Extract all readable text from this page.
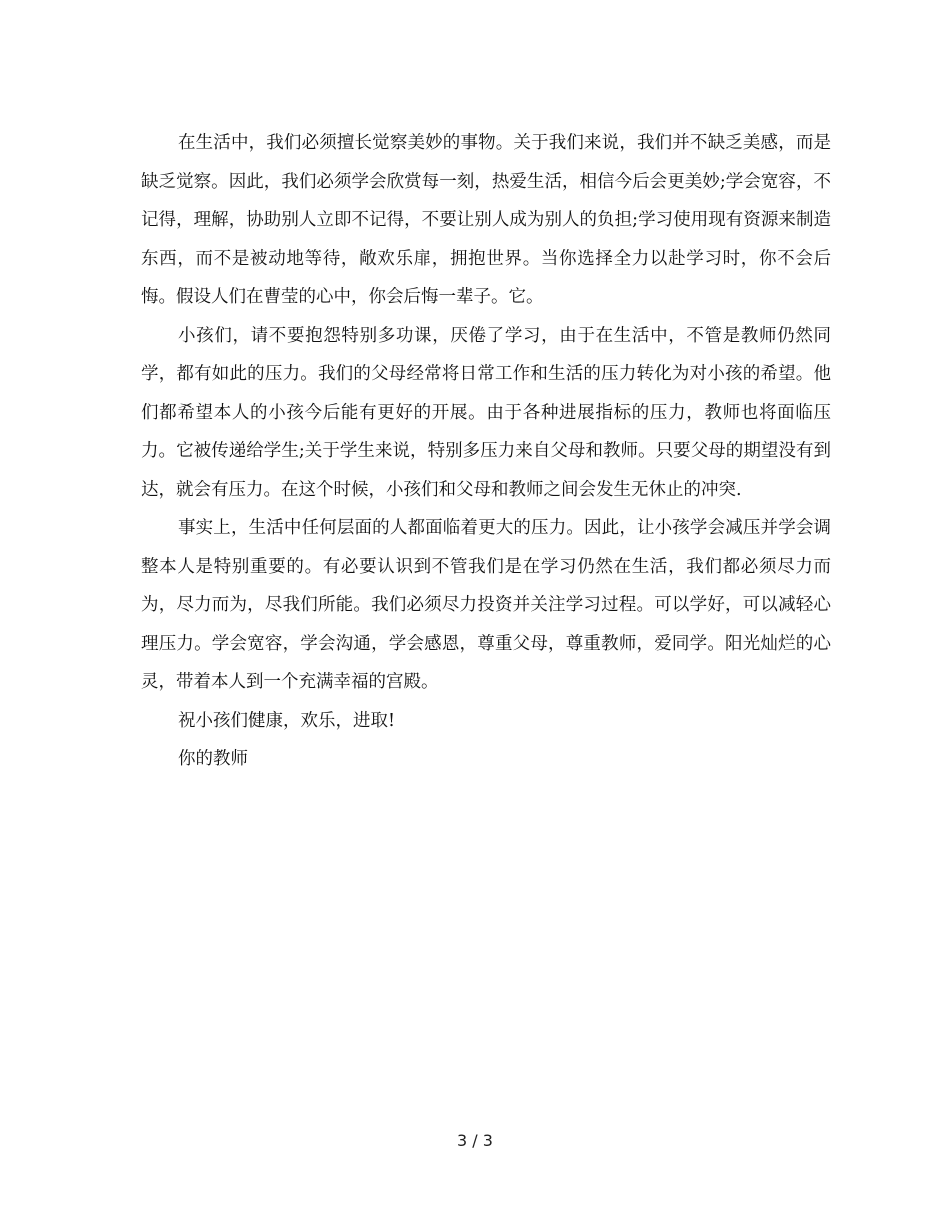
在生活中，我们必须擅长觉察美妙的事物。关于我们来说，我们并不缺乏美感，而是缺乏觉察。因此，我们必须学会欣赏每一刻，热爱生活，相信今后会更美妙;学会宽容，不记得，理解，协助别人立即不记得，不要让别人成为别人的负担;学习使用现有资源来制造东西，而不是被动地等待，敞欢乐扉，拥抱世界。当你选择全力以赴学习时，你不会后悔。假设人们在曹莹的心中，你会后悔一辈子。它。

小孩们，请不要抱怨特别多功课，厌倦了学习，由于在生活中，不管是教师仍然同学，都有如此的压力。我们的父母经常将日常工作和生活的压力转化为对小孩的希望。他们都希望本人的小孩今后能有更好的开展。由于各种进展指标的压力，教师也将面临压力。它被传递给学生;关于学生来说，特别多压力来自父母和教师。只要父母的期望没有到达，就会有压力。在这个时候，小孩们和父母和教师之间会发生无休止的冲突.

事实上，生活中任何层面的人都面临着更大的压力。因此，让小孩学会减压并学会调整本人是特别重要的。有必要认识到不管我们是在学习仍然在生活，我们都必须尽力而为，尽力而为，尽我们所能。我们必须尽力投资并关注学习过程。可以学好，可以减轻心理压力。学会宽容，学会沟通，学会感恩，尊重父母，尊重教师，爱同学。阳光灿烂的心灵，带着本人到一个充满幸福的宫殿。

祝小孩们健康，欢乐，进取!

你的教师

3 / 3
